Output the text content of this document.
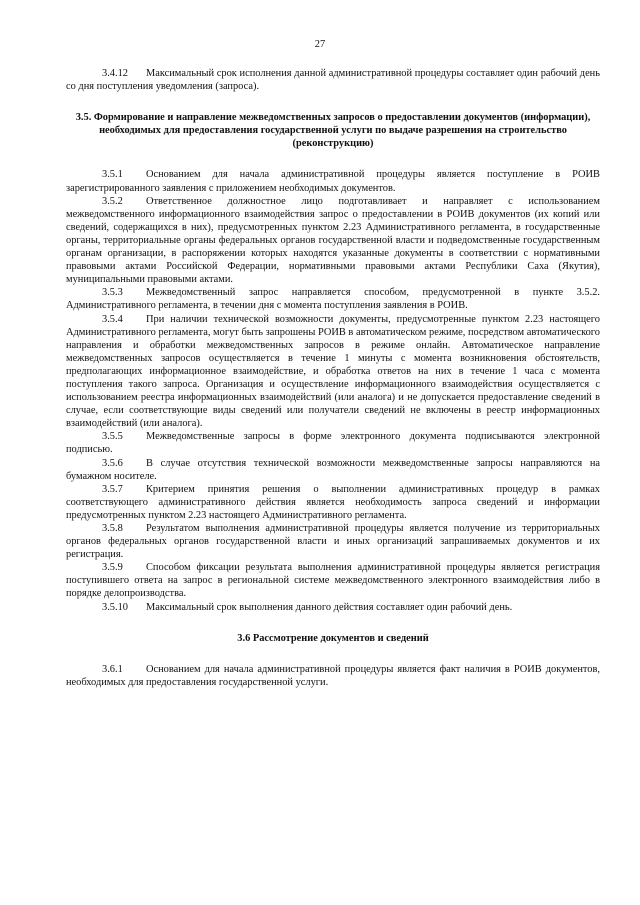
27

3.4.12 Максимальный срок исполнения данной административной процедуры составляет один рабочий день со дня поступления уведомления (запроса).

3.5. Формирование и направление межведомственных запросов о предоставлении документов (информации), необходимых для предоставления государственной услуги по выдаче разрешения на строительство (реконструкцию)

3.5.1 Основанием для начала административной процедуры является поступление в РОИВ зарегистрированного заявления с приложением необходимых документов.

3.5.2 Ответственное должностное лицо подготавливает и направляет с использованием межведомственного информационного взаимодействия запрос о предоставлении в РОИВ документов (их копий или сведений, содержащихся в них), предусмотренных пунктом 2.23 Административного регламента, в государственные органы, территориальные органы федеральных органов государственной власти и подведомственные государственным органам организации, в распоряжении которых находятся указанные документы в соответствии с нормативными правовыми актами Российской Федерации, нормативными правовыми актами Республики Саха (Якутия), муниципальными правовыми актами.

3.5.3 Межведомственный запрос направляется способом, предусмотренной в пункте 3.5.2. Административного регламента, в течении дня с момента поступления заявления в РОИВ.

3.5.4 При наличии технической возможности документы, предусмотренные пунктом 2.23 настоящего Административного регламента, могут быть запрошены РОИВ в автоматическом режиме, посредством автоматического направления и обработки межведомственных запросов в режиме онлайн. Автоматическое направление межведомственных запросов осуществляется в течение 1 минуты с момента возникновения обстоятельств, предполагающих информационное взаимодействие, и обработка ответов на них в течение 1 часа с момента поступления такого запроса. Организация и осуществление информационного взаимодействия осуществляется с использованием реестра информационных взаимодействий (или аналога) и не допускается предоставление сведений в случае, если соответствующие виды сведений или получатели сведений не включены в реестр информационных взаимодействий (или аналога).

3.5.5 Межведомственные запросы в форме электронного документа подписываются электронной подписью.

3.5.6 В случае отсутствия технической возможности межведомственные запросы направляются на бумажном носителе.

3.5.7 Критерием принятия решения о выполнении административных процедур в рамках соответствующего административного действия является необходимость запроса сведений и информации предусмотренных пунктом 2.23 настоящего Административного регламента.

3.5.8 Результатом выполнения административной процедуры является получение из территориальных органов федеральных органов государственной власти и иных организаций запрашиваемых документов и их регистрация.

3.5.9 Способом фиксации результата выполнения административной процедуры является регистрация поступившего ответа на запрос в региональной системе межведомственного электронного взаимодействия либо в порядке делопроизводства.

3.5.10 Максимальный срок выполнения данного действия составляет один рабочий день.

3.6 Рассмотрение документов и сведений

3.6.1 Основанием для начала административной процедуры является факт наличия в РОИВ документов, необходимых для предоставления государственной услуги.
